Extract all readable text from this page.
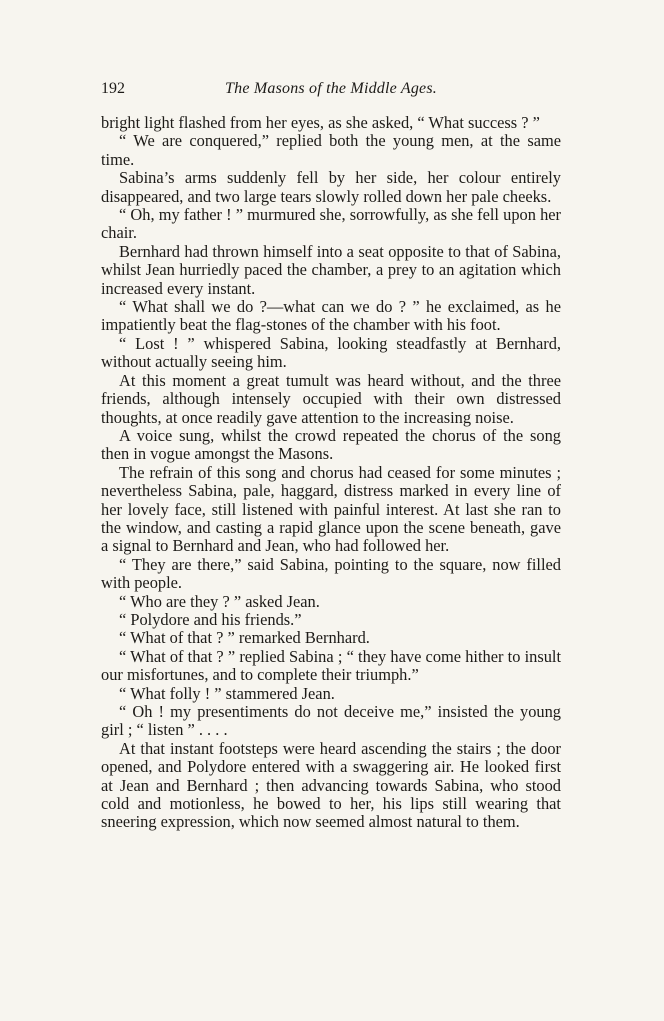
192	The Masons of the Middle Ages.

bright light flashed from her eyes, as she asked, “ What success ? ”

“ We are conquered,” replied both the young men, at the same time.

Sabina’s arms suddenly fell by her side, her colour entirely disappeared, and two large tears slowly rolled down her pale cheeks.

“ Oh, my father ! ” murmured she, sorrowfully, as she fell upon her chair.

Bernhard had thrown himself into a seat opposite to that of Sabina, whilst Jean hurriedly paced the chamber, a prey to an agitation which increased every instant.

“ What shall we do ?—what can we do ? ” he exclaimed, as he impatiently beat the flag-stones of the chamber with his foot.

“ Lost ! ” whispered Sabina, looking steadfastly at Bernhard, without actually seeing him.

At this moment a great tumult was heard without, and the three friends, although intensely occupied with their own distressed thoughts, at once readily gave attention to the increasing noise.

A voice sung, whilst the crowd repeated the chorus of the song then in vogue amongst the Masons.

The refrain of this song and chorus had ceased for some minutes ; nevertheless Sabina, pale, haggard, distress marked in every line of her lovely face, still listened with painful interest. At last she ran to the window, and casting a rapid glance upon the scene beneath, gave a signal to Bernhard and Jean, who had followed her.

“ They are there,” said Sabina, pointing to the square, now filled with people.

“ Who are they ? ” asked Jean.

“ Polydore and his friends.”

“ What of that ? ” remarked Bernhard.

“ What of that ? ” replied Sabina ; “ they have come hither to insult our misfortunes, and to complete their triumph.”

“ What folly ! ” stammered Jean.

“ Oh ! my presentiments do not deceive me,” insisted the young girl ; “ listen ” . . . .

At that instant footsteps were heard ascending the stairs ; the door opened, and Polydore entered with a swaggering air. He looked first at Jean and Bernhard ; then advancing towards Sabina, who stood cold and motionless, he bowed to her, his lips still wearing that sneering expression, which now seemed almost natural to them.
